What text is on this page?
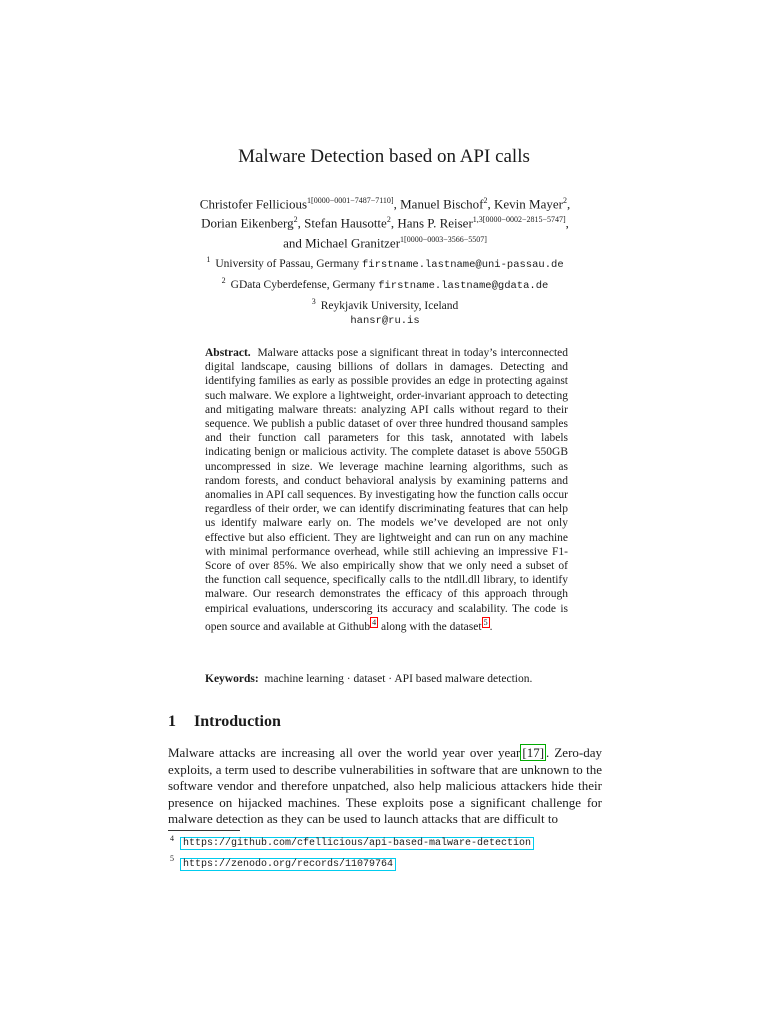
Malware Detection based on API calls
Christofer Fellicious$^{1[0000-0001-7487-7110]}$, Manuel Bischof$^2$, Kevin Mayer$^2$,
Dorian Eikenberg$^2$, Stefan Hausotte$^2$, Hans P. Reiser$^{1,3[0000-0002-2815-5747]}$,
and Michael Granitzer$^{1[0000-0003-3566-5507]}$
$^1$ University of Passau, Germany firstname.lastname@uni-passau.de
$^2$ GData Cyberdefense, Germany firstname.lastname@gdata.de
$^3$ Reykjavik University, Iceland
hansr@ru.is
Abstract. Malware attacks pose a significant threat in today’s interconnected digital landscape, causing billions of dollars in damages. Detecting and identifying families as early as possible provides an edge in protecting against such malware. We explore a lightweight, order-invariant approach to detecting and mitigating malware threats: analyzing API calls without regard to their sequence. We publish a public dataset of over three hundred thousand samples and their function call parameters for this task, annotated with labels indicating benign or malicious activity. The complete dataset is above 550GB uncompressed in size. We leverage machine learning algorithms, such as random forests, and conduct behavioral analysis by examining patterns and anomalies in API call sequences. By investigating how the function calls occur regardless of their order, we can identify discriminating features that can help us identify malware early on. The models we’ve developed are not only effective but also efficient. They are lightweight and can run on any machine with minimal performance overhead, while still achieving an impressive F1-Score of over 85%. We also empirically show that we only need a subset of the function call sequence, specifically calls to the ntdll.dll library, to identify malware. Our research demonstrates the efficacy of this approach through empirical evaluations, underscoring its accuracy and scalability. The code is open source and available at Github $^4$ along with the dataset $^5$ .
Keywords: machine learning · dataset · API based malware detection.
1 Introduction
Malware attacks are increasing all over the world year over year [17] . Zero-day exploits, a term used to describe vulnerabilities in software that are unknown to the software vendor and therefore unpatched, also help malicious attackers hide their presence on hijacked machines. These exploits pose a significant challenge for malware detection as they can be used to launch attacks that are difficult to
$^4$ https://github.com/cfellicious/api-based-malware-detection
$^5$ https://zenodo.org/records/11079764
